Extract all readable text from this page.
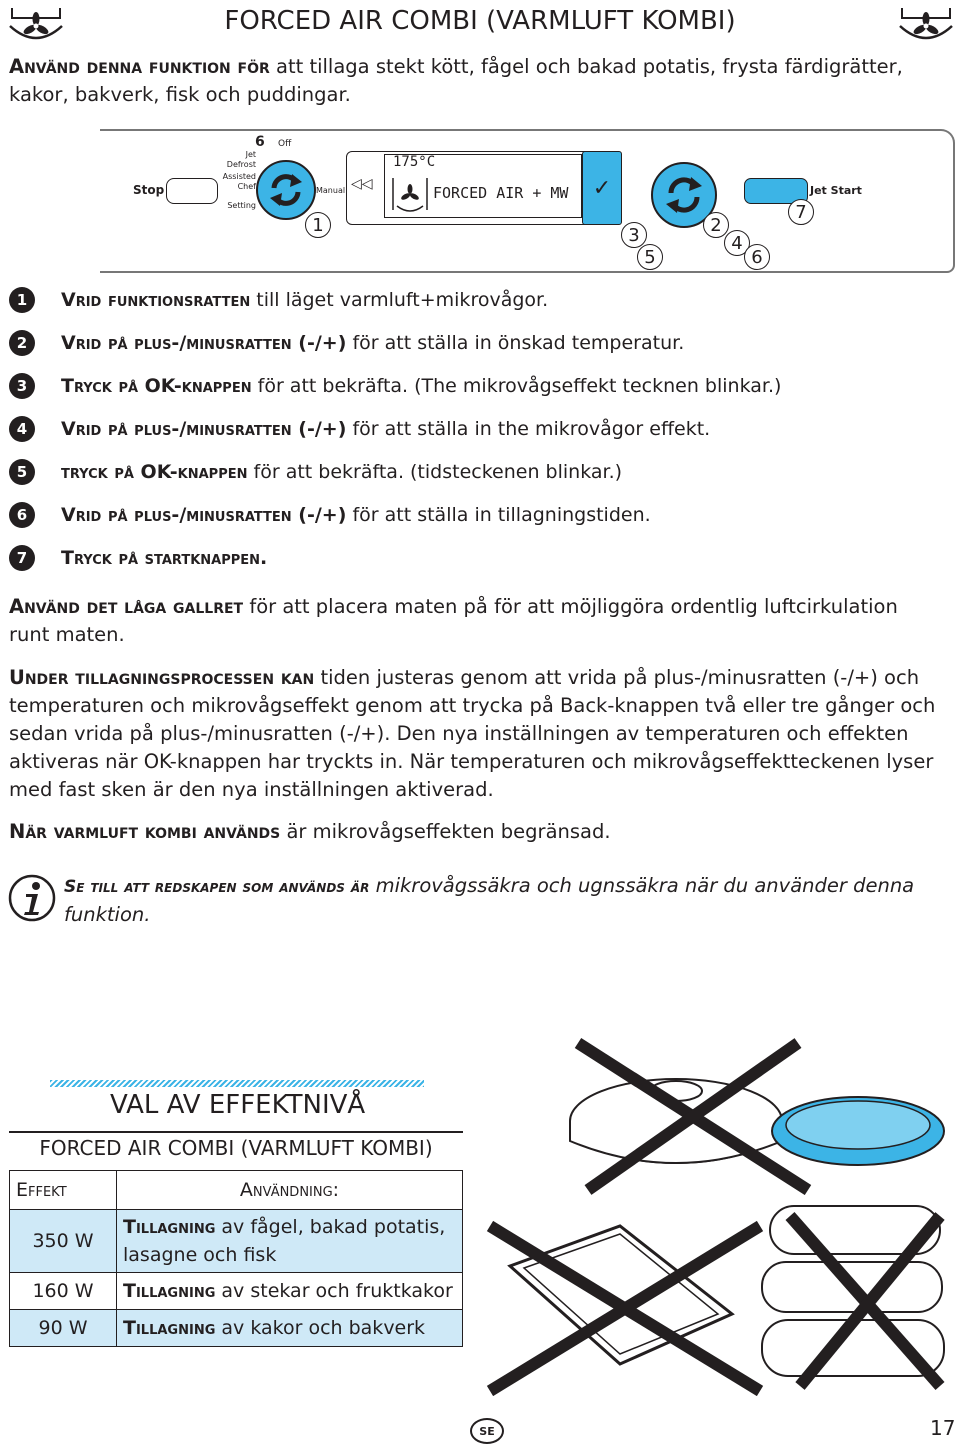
FORCED AIR COMBI (VARMLUFT KOMBI)
Använd denna funktion för att tillaga stekt kött, fågel och bakad potatis, frysta färdigrätter, kakor, bakverk, fisk och puddingar.
Stop
Jet
Defrost
Assisted
Chef
Setting
6 Off
Manual ◁◁
175°C
FORCED AIR + MW ✓	Jet Start
1	2
3	4
5	6
7
1	Vrid funktionsratten till läget varmluft+mikrovågor.
2	Vrid på plus-/minusratten (-/+) för att ställa in önskad temperatur.
3	Tryck på OK-knappen för att bekräfta. (The mikrovågseffekt tecknen blinkar.)
4	Vrid på plus-/minusratten (-/+) för att ställa in the mikrovågor effekt.
5	tryck på OK-knappen för att bekräfta. (tidsteckenen blinkar.)
6	Vrid på plus-/minusratten (-/+) för att ställa in tillagningstiden.
7	Tryck på startknappen.
Använd det låga gallret för att placera maten på för att möjliggöra ordentlig luftcirkulation runt maten.
Under tillagningsprocessen kan tiden justeras genom att vrida på plus-/minusratten (-/+) och temperaturen och mikrovågseffekt genom att trycka på Back-knappen två eller tre gånger och sedan vrida på plus-/minusratten (-/+). Den nya inställningen av temperaturen och effekten aktiveras när OK-knappen har tryckts in. När temperaturen och mikrovågseffektteckenen lyser med fast sken är den nya inställningen aktiverad.
När varmluft kombi används är mikrovågseffekten begränsad.
Se till att redskapen som används är mikrovågssäkra och ugnssäkra när du använder denna funktion.
VAL AV EFFEKTNIVÅ
FORCED AIR COMBI (VARMLUFT KOMBI)
Effekt	Användning:
350 W	Tillagning av fågel, bakad potatis, lasagne och fisk
160 W	Tillagning av stekar och fruktkakor
90 W	Tillagning av kakor och bakverk
SE	17
